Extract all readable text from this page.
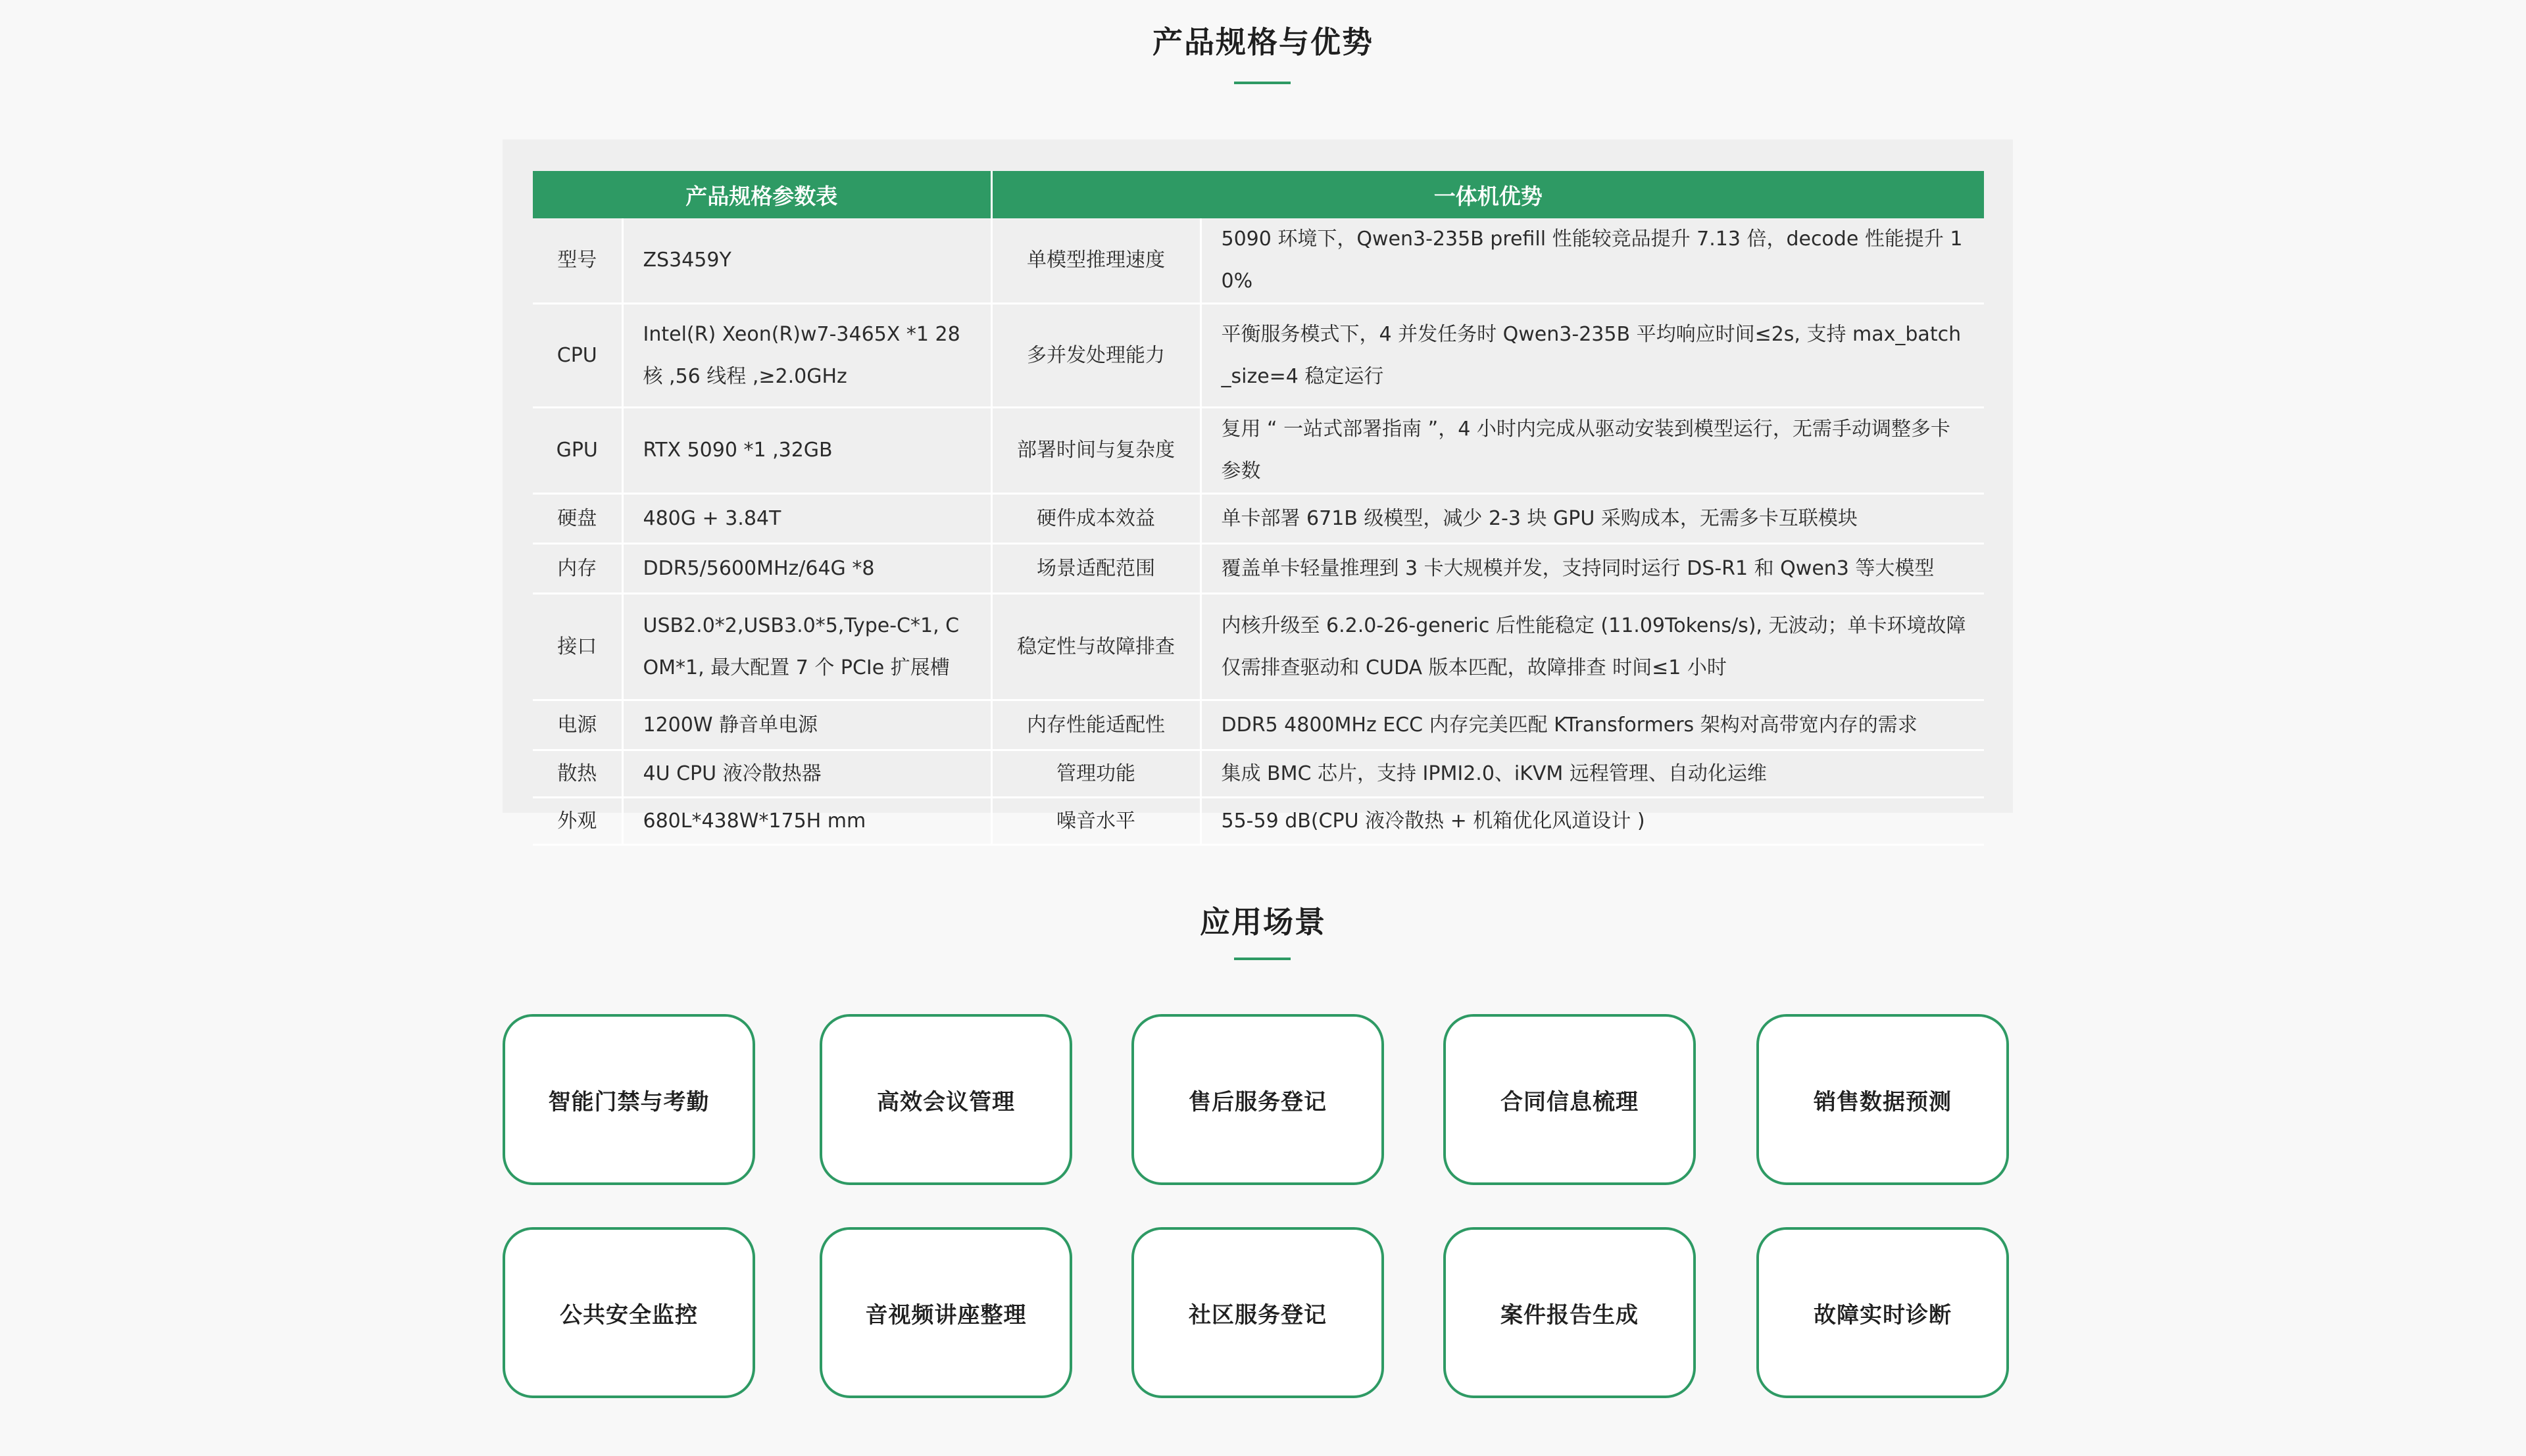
产品规格与优势
产品规格参数表		一体机优势	
型号	ZS3459Y	单模型推理速度	5090 环境下，Qwen3-235B prefill 性能较竞品提升 7.13 倍，decode 性能提升 10%
CPU	Intel(R) Xeon(R)w7-3465X *1 28 核 ,56 线程 ,≥2.0GHz	多并发处理能力	平衡服务模式下，4 并发任务时 Qwen3-235B 平均响应时间≤2s, 支持 max_batch_size=4 稳定运行
GPU	RTX 5090 *1 ,32GB	部署时间与复杂度	复用 “ 一站式部署指南 ”，4 小时内完成从驱动安装到模型运行，无需手动调整多卡参数
硬盘	480G + 3.84T	硬件成本效益	单卡部署 671B 级模型，减少 2-3 块 GPU 采购成本，无需多卡互联模块
内存	DDR5/5600MHz/64G *8	场景适配范围	覆盖单卡轻量推理到 3 卡大规模并发，支持同时运行 DS-R1 和 Qwen3 等大模型
接口	USB2.0*2,USB3.0*5,Type-C*1, COM*1, 最大配置 7 个 PCIe 扩展槽	稳定性与故障排查	内核升级至 6.2.0-26-generic 后性能稳定 (11.09Tokens/s), 无波动；单卡环境故障仅需排查驱动和 CUDA 版本匹配，故障排查 时间≤1 小时
电源	1200W 静音单电源	内存性能适配性	DDR5 4800MHz ECC 内存完美匹配 KTransformers 架构对高带宽内存的需求
散热	4U CPU 液冷散热器	管理功能	集成 BMC 芯片，支持 IPMI2.0、iKVM 远程管理、自动化运维
外观	680L*438W*175H mm	噪音水平	55-59 dB(CPU 液冷散热 + 机箱优化风道设计 )
应用场景
智能门禁与考勤	高效会议管理	售后服务登记	合同信息梳理	销售数据预测
公共安全监控	音视频讲座整理	社区服务登记	案件报告生成	故障实时诊断
